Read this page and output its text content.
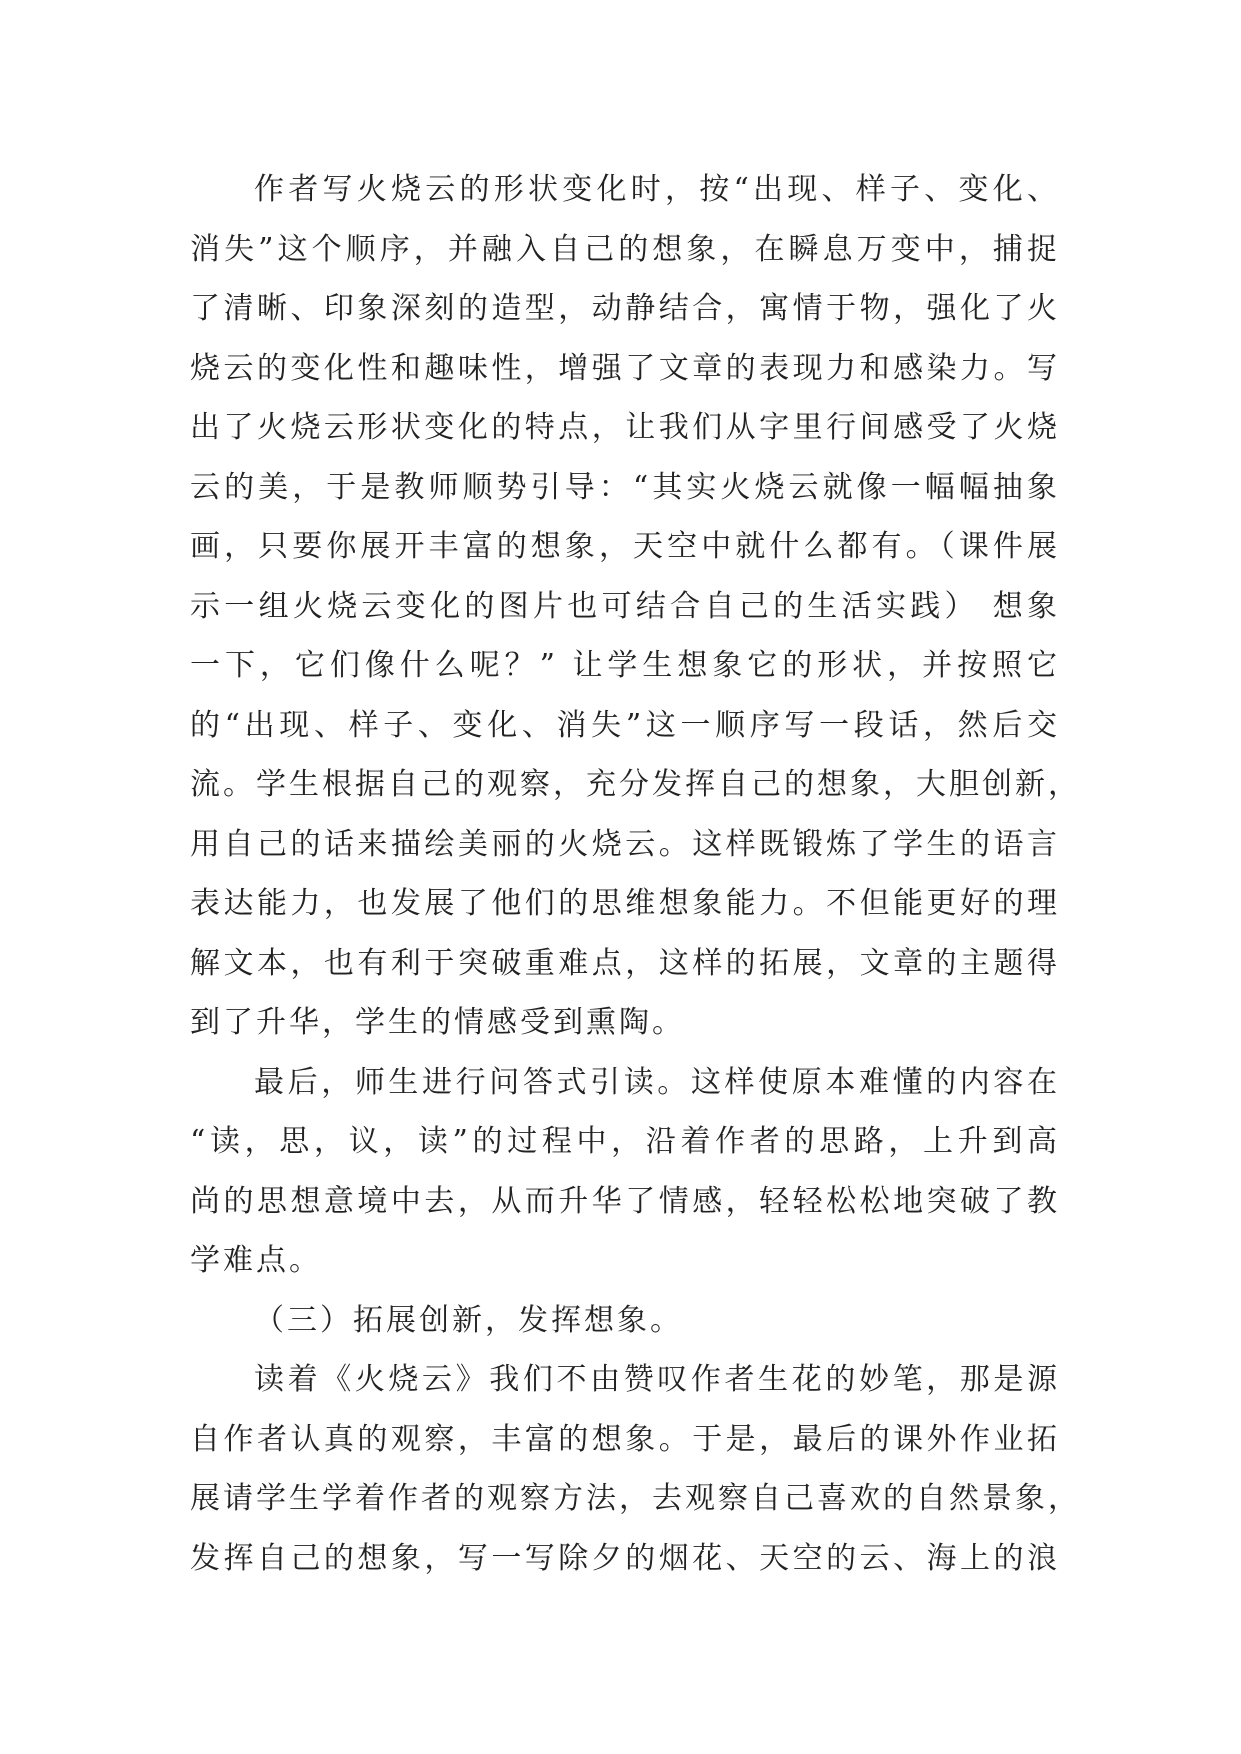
作者写火烧云的形状变化时，按“出现、样子、变化、
消失”这个顺序，并融入自己的想象，在瞬息万变中，捕捉
了清晰、印象深刻的造型，动静结合，寓情于物，强化了火
烧云的变化性和趣味性，增强了文章的表现力和感染力。写
出了火烧云形状变化的特点，让我们从字里行间感受了火烧
云的美，于是教师顺势引导：“其实火烧云就像一幅幅抽象
画，只要你展开丰富的想象，天空中就什么都有。（课件展
示一组火烧云变化的图片也可结合自己的生活实践） 想象
一下，它们像什么呢？” 让学生想象它的形状，并按照它
的“出现、样子、变化、消失”这一顺序写一段话，然后交
流。学生根据自己的观察，充分发挥自己的想象，大胆创新，
用自己的话来描绘美丽的火烧云。这样既锻炼了学生的语言
表达能力，也发展了他们的思维想象能力。不但能更好的理
解文本，也有利于突破重难点，这样的拓展，文章的主题得
到了升华，学生的情感受到熏陶。
最后，师生进行问答式引读。这样使原本难懂的内容在
“读，思，议，读”的过程中，沿着作者的思路，上升到高
尚的思想意境中去，从而升华了情感，轻轻松松地突破了教
学难点。
（三）拓展创新，发挥想象。
读着《火烧云》我们不由赞叹作者生花的妙笔，那是源
自作者认真的观察，丰富的想象。于是，最后的课外作业拓
展请学生学着作者的观察方法，去观察自己喜欢的自然景象，
发挥自己的想象，写一写除夕的烟花、天空的云、海上的浪
